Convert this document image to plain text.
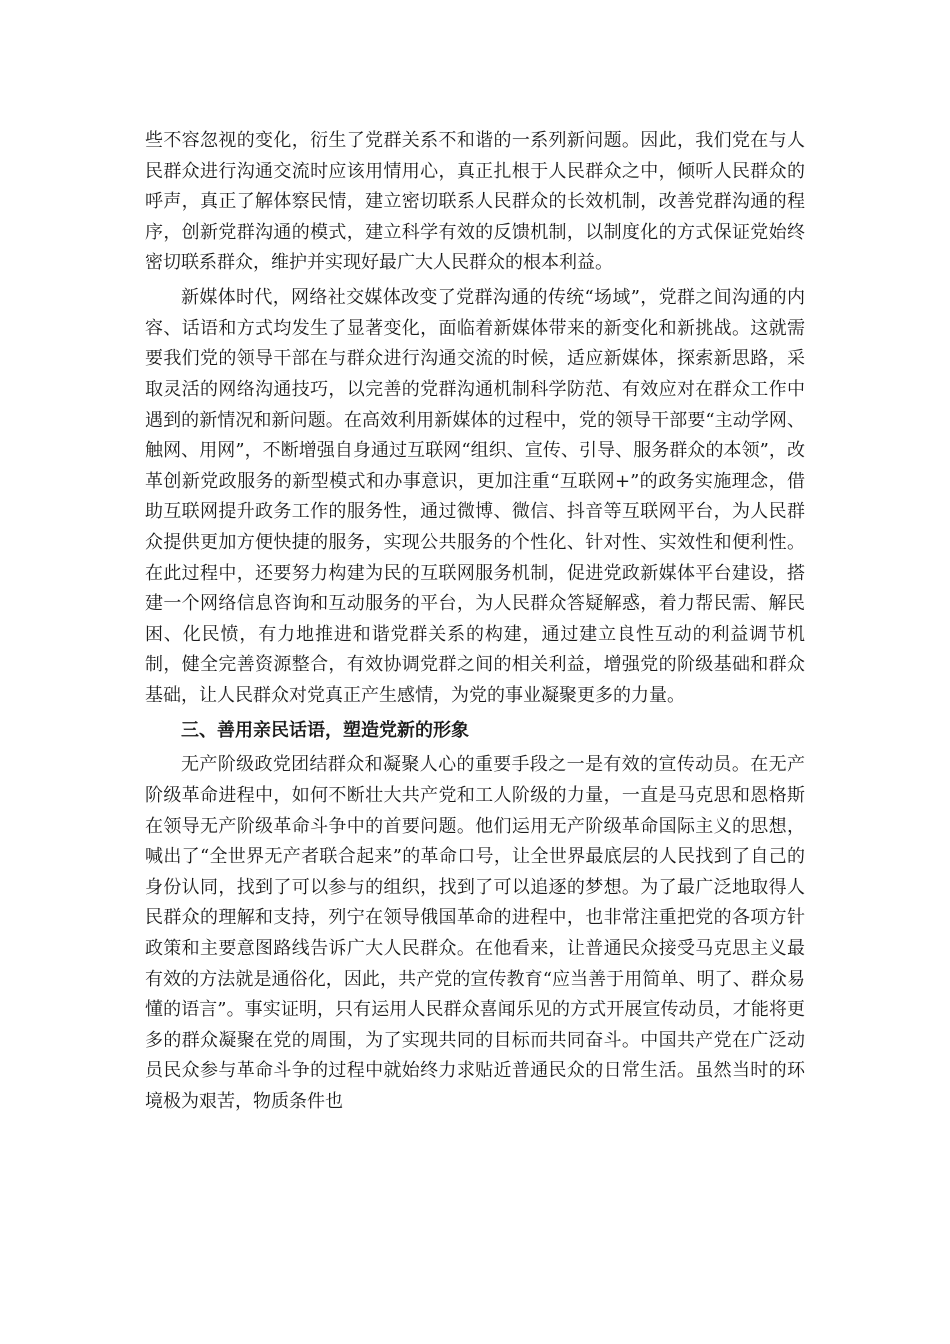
些不容忽视的变化，衍生了党群关系不和谐的一系列新问题。因此，我们党在与人民群众进行沟通交流时应该用情用心，真正扎根于人民群众之中，倾听人民群众的呼声，真正了解体察民情，建立密切联系人民群众的长效机制，改善党群沟通的程序，创新党群沟通的模式，建立科学有效的反馈机制，以制度化的方式保证党始终密切联系群众，维护并实现好最广大人民群众的根本利益。

新媒体时代，网络社交媒体改变了党群沟通的传统“场域”，党群之间沟通的内容、话语和方式均发生了显著变化，面临着新媒体带来的新变化和新挑战。这就需要我们党的领导干部在与群众进行沟通交流的时候，适应新媒体，探索新思路，采取灵活的网络沟通技巧，以完善的党群沟通机制科学防范、有效应对在群众工作中遇到的新情况和新问题。在高效利用新媒体的过程中，党的领导干部要“主动学网、触网、用网”，不断增强自身通过互联网“组织、宣传、引导、服务群众的本领”，改革创新党政服务的新型模式和办事意识，更加注重“互联网+”的政务实施理念，借助互联网提升政务工作的服务性，通过微博、微信、抖音等互联网平台，为人民群众提供更加方便快捷的服务，实现公共服务的个性化、针对性、实效性和便利性。在此过程中，还要努力构建为民的互联网服务机制，促进党政新媒体平台建设，搭建一个网络信息咨询和互动服务的平台，为人民群众答疑解惑，着力帮民需、解民困、化民愤，有力地推进和谐党群关系的构建，通过建立良性互动的利益调节机制，健全完善资源整合，有效协调党群之间的相关利益，增强党的阶级基础和群众基础，让人民群众对党真正产生感情，为党的事业凝聚更多的力量。

三、善用亲民话语，塑造党新的形象

无产阶级政党团结群众和凝聚人心的重要手段之一是有效的宣传动员。在无产阶级革命进程中，如何不断壮大共产党和工人阶级的力量，一直是马克思和恩格斯在领导无产阶级革命斗争中的首要问题。他们运用无产阶级革命国际主义的思想，喊出了“全世界无产者联合起来”的革命口号，让全世界最底层的人民找到了自己的身份认同，找到了可以参与的组织，找到了可以追逐的梦想。为了最广泛地取得人民群众的理解和支持，列宁在领导俄国革命的进程中，也非常注重把党的各项方针政策和主要意图路线告诉广大人民群众。在他看来，让普通民众接受马克思主义最有效的方法就是通俗化，因此，共产党的宣传教育“应当善于用简单、明了、群众易懂的语言”。事实证明，只有运用人民群众喜闻乐见的方式开展宣传动员，才能将更多的群众凝聚在党的周围，为了实现共同的目标而共同奋斗。中国共产党在广泛动员民众参与革命斗争的过程中就始终力求贴近普通民众的日常生活。虽然当时的环境极为艰苦，物质条件也
